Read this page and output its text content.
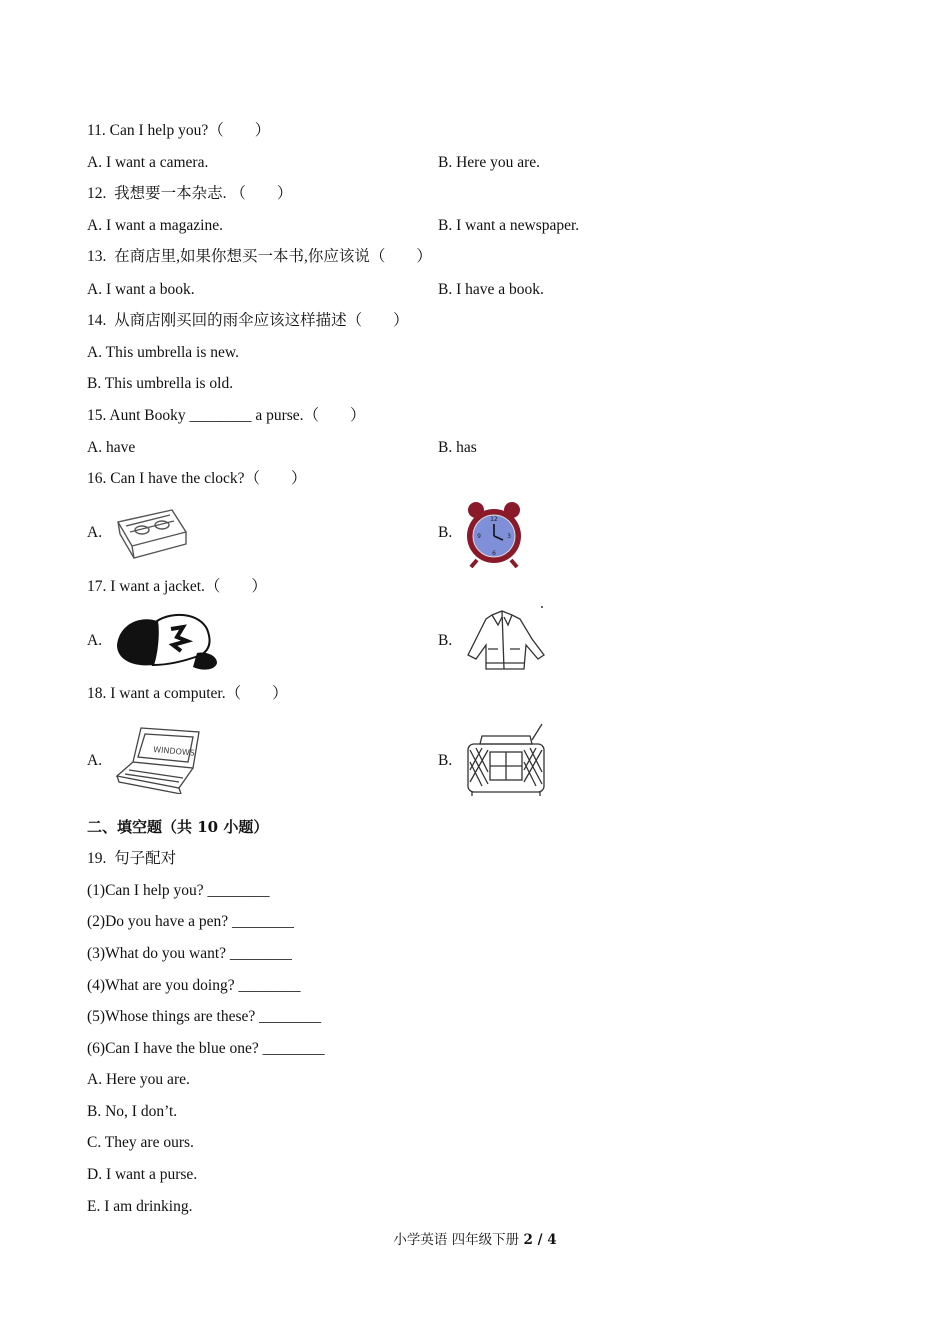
11. Can I help you?（　　）
A. I want a camera.	B. Here you are.
12.  我想要一本杂志. （　　）
A. I want a magazine.	B. I want a newspaper.
13.  在商店里,如果你想买一本书,你应该说（　　）
A. I want a book.	B. I have a book.
14.  从商店刚买回的雨伞应该这样描述（　　）
A. This umbrella is new.
B. This umbrella is old.
15. Aunt Booky ________ a purse.（　　）
A. have	B. has
16. Can I have the clock?（　　）
A.	B.
12
3
6
9
17. I want a jacket.（　　）
A.	B.
18. I want a computer.（　　）
A.
WINDOWS
B.
二、填空题（共 10 小题）
19.  句子配对
(1)Can I help you? ________
(2)Do you have a pen? ________
(3)What do you want? ________
(4)What are you doing? ________
(5)Whose things are these? ________
(6)Can I have the blue one? ________
A. Here you are.
B. No, I don’t.
C. They are ours.
D. I want a purse.
E. I am drinking.
小学英语 四年级下册 2 / 4
